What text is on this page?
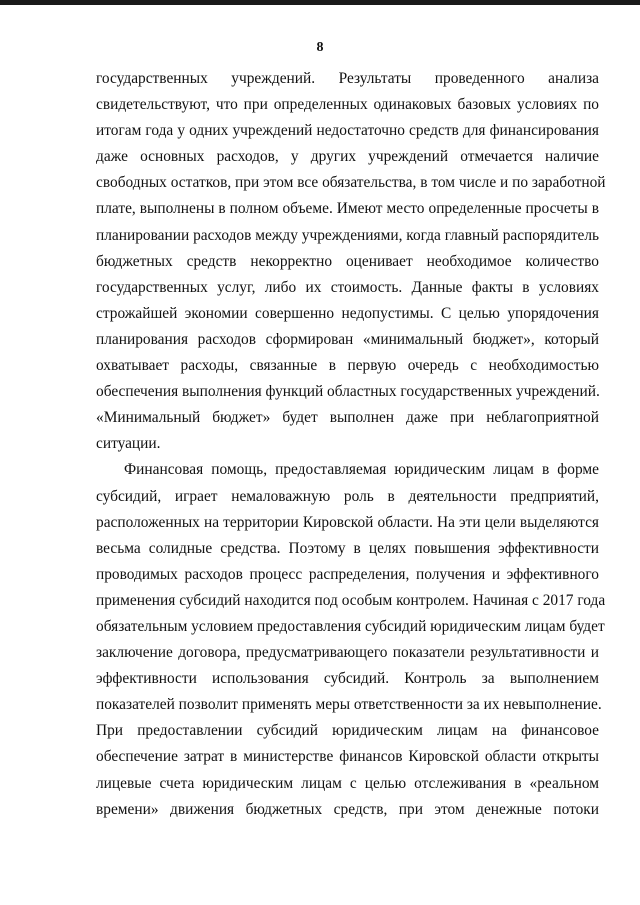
8

государственных учреждений. Результаты проведенного анализа
свидетельствуют, что при определенных одинаковых базовых условиях по
итогам года у одних учреждений недостаточно средств для финансирования
даже основных расходов, у других учреждений отмечается наличие
свободных остатков, при этом все обязательства, в том числе и по заработной
плате, выполнены в полном объеме. Имеют место определенные просчеты в
планировании расходов между учреждениями, когда главный распорядитель
бюджетных средств некорректно оценивает необходимое количество
государственных услуг, либо их стоимость. Данные факты в условиях
строжайшей экономии совершенно недопустимы. С целью упорядочения
планирования расходов сформирован «минимальный бюджет», который
охватывает расходы, связанные в первую очередь с необходимостью
обеспечения выполнения функций областных государственных учреждений.
«Минимальный бюджет» будет выполнен даже при неблагоприятной
ситуации.

Финансовая помощь, предоставляемая юридическим лицам в форме
субсидий, играет немаловажную роль в деятельности предприятий,
расположенных на территории Кировской области. На эти цели выделяются
весьма солидные средства. Поэтому в целях повышения эффективности
проводимых расходов процесс распределения, получения и эффективного
применения субсидий находится под особым контролем. Начиная с 2017 года
обязательным условием предоставления субсидий юридическим лицам будет
заключение договора, предусматривающего показатели результативности и
эффективности использования субсидий. Контроль за выполнением
показателей позволит применять меры ответственности за их невыполнение.
При предоставлении субсидий юридическим лицам на финансовое
обеспечение затрат в министерстве финансов Кировской области открыты
лицевые счета юридическим лицам с целью отслеживания в «реальном
времени» движения бюджетных средств, при этом денежные потоки
